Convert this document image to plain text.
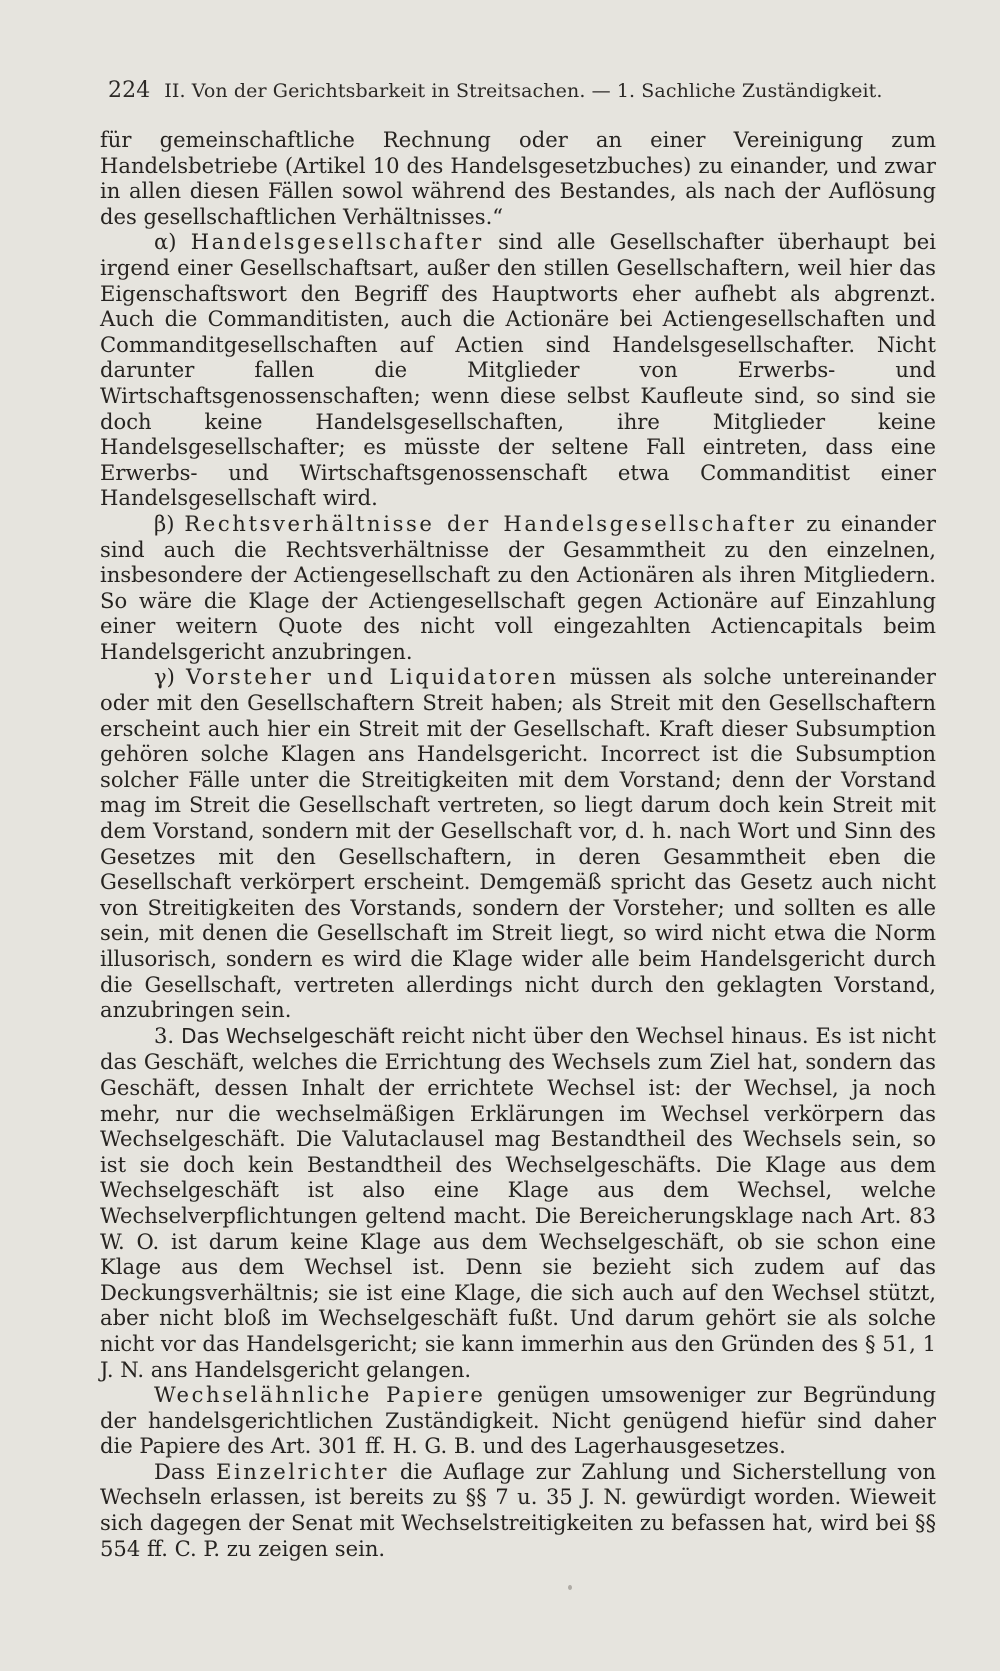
224 II. Von der Gerichtsbarkeit in Streitsachen. — 1. Sachliche Zuständigkeit.

für gemeinschaftliche Rechnung oder an einer Vereinigung zum Handelsbetriebe (Artikel 10 des Handelsgesetzbuches) zu einander, und zwar in allen diesen Fällen sowol während des Bestandes, als nach der Auflösung des gesellschaftlichen Verhältnisses.“

α) Handelsgesellschafter sind alle Gesellschafter überhaupt bei irgend einer Gesellschaftsart, außer den stillen Gesellschaftern, weil hier das Eigenschaftswort den Begriff des Hauptworts eher aufhebt als abgrenzt. Auch die Commanditisten, auch die Actionäre bei Actiengesellschaften und Commanditgesellschaften auf Actien sind Handelsgesellschafter. Nicht darunter fallen die Mitglieder von Erwerbs- und Wirtschaftsgenossenschaften; wenn diese selbst Kaufleute sind, so sind sie doch keine Handelsgesellschaften, ihre Mitglieder keine Handelsgesellschafter; es müsste der seltene Fall eintreten, dass eine Erwerbs- und Wirtschaftsgenossenschaft etwa Commanditist einer Handelsgesellschaft wird.

β) Rechtsverhältnisse der Handelsgesellschafter zu einander sind auch die Rechtsverhältnisse der Gesammtheit zu den einzelnen, insbesondere der Actiengesellschaft zu den Actionären als ihren Mitgliedern. So wäre die Klage der Actiengesellschaft gegen Actionäre auf Einzahlung einer weitern Quote des nicht voll eingezahlten Actiencapitals beim Handelsgericht anzubringen.

γ) Vorsteher und Liquidatoren müssen als solche untereinander oder mit den Gesellschaftern Streit haben; als Streit mit den Gesellschaftern erscheint auch hier ein Streit mit der Gesellschaft. Kraft dieser Subsumption gehören solche Klagen ans Handelsgericht. Incorrect ist die Subsumption solcher Fälle unter die Streitigkeiten mit dem Vorstand; denn der Vorstand mag im Streit die Gesellschaft vertreten, so liegt darum doch kein Streit mit dem Vorstand, sondern mit der Gesellschaft vor, d. h. nach Wort und Sinn des Gesetzes mit den Gesellschaftern, in deren Gesammtheit eben die Gesellschaft verkörpert erscheint. Demgemäß spricht das Gesetz auch nicht von Streitigkeiten des Vorstands, sondern der Vorsteher; und sollten es alle sein, mit denen die Gesellschaft im Streit liegt, so wird nicht etwa die Norm illusorisch, sondern es wird die Klage wider alle beim Handelsgericht durch die Gesellschaft, vertreten allerdings nicht durch den geklagten Vorstand, anzubringen sein.

3. Das Wechselgeschäft reicht nicht über den Wechsel hinaus. Es ist nicht das Geschäft, welches die Errichtung des Wechsels zum Ziel hat, sondern das Geschäft, dessen Inhalt der errichtete Wechsel ist: der Wechsel, ja noch mehr, nur die wechselmäßigen Erklärungen im Wechsel verkörpern das Wechselgeschäft. Die Valutaclausel mag Bestandtheil des Wechsels sein, so ist sie doch kein Bestandtheil des Wechselgeschäfts. Die Klage aus dem Wechselgeschäft ist also eine Klage aus dem Wechsel, welche Wechselverpflichtungen geltend macht. Die Bereicherungsklage nach Art. 83 W. O. ist darum keine Klage aus dem Wechselgeschäft, ob sie schon eine Klage aus dem Wechsel ist. Denn sie bezieht sich zudem auf das Deckungsverhältnis; sie ist eine Klage, die sich auch auf den Wechsel stützt, aber nicht bloß im Wechselgeschäft fußt. Und darum gehört sie als solche nicht vor das Handelsgericht; sie kann immerhin aus den Gründen des § 51, 1 J. N. ans Handelsgericht gelangen.

Wechselähnliche Papiere genügen umsoweniger zur Begründung der handelsgerichtlichen Zuständigkeit. Nicht genügend hiefür sind daher die Papiere des Art. 301 ff. H. G. B. und des Lagerhausgesetzes.

Dass Einzelrichter die Auflage zur Zahlung und Sicherstellung von Wechseln erlassen, ist bereits zu §§ 7 u. 35 J. N. gewürdigt worden. Wieweit sich dagegen der Senat mit Wechselstreitigkeiten zu befassen hat, wird bei §§ 554 ff. C. P. zu zeigen sein.
